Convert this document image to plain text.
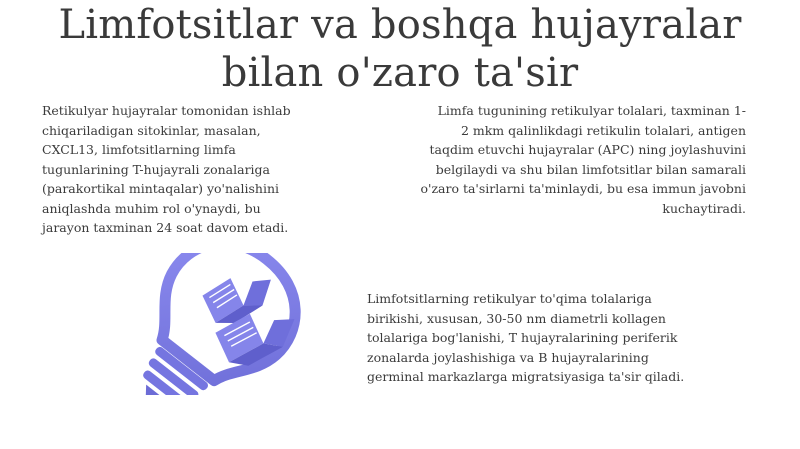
Limfotsitlar va boshqa hujayralar
bilan o'zaro ta'sir

Retikulyar hujayralar tomonidan ishlab
chiqariladigan sitokinlar, masalan,
CXCL13, limfotsitlarning limfa
tugunlarining T-hujayrali zonalariga
(parakortikal mintaqalar) yo'nalishini
aniqlashda muhim rol o'ynaydi, bu
jarayon taxminan 24 soat davom etadi.

Limfa tugunining retikulyar tolalari, taxminan 1-
2 mkm qalinlikdagi retikulin tolalari, antigen
taqdim etuvchi hujayralar (APC) ning joylashuvini
belgilaydi va shu bilan limfotsitlar bilan samarali
o'zaro ta'sirlarni ta'minlaydi, bu esa immun javobni
kuchaytiradi.

Limfotsitlarning retikulyar to'qima tolalariga
birikishi, xususan, 30-50 nm diametrli kollagen
tolalariga bog'lanishi, T hujayralarining periferik
zonalarda joylashishiga va B hujayralarining
germinal markazlarga migratsiyasiga ta'sir qiladi.
